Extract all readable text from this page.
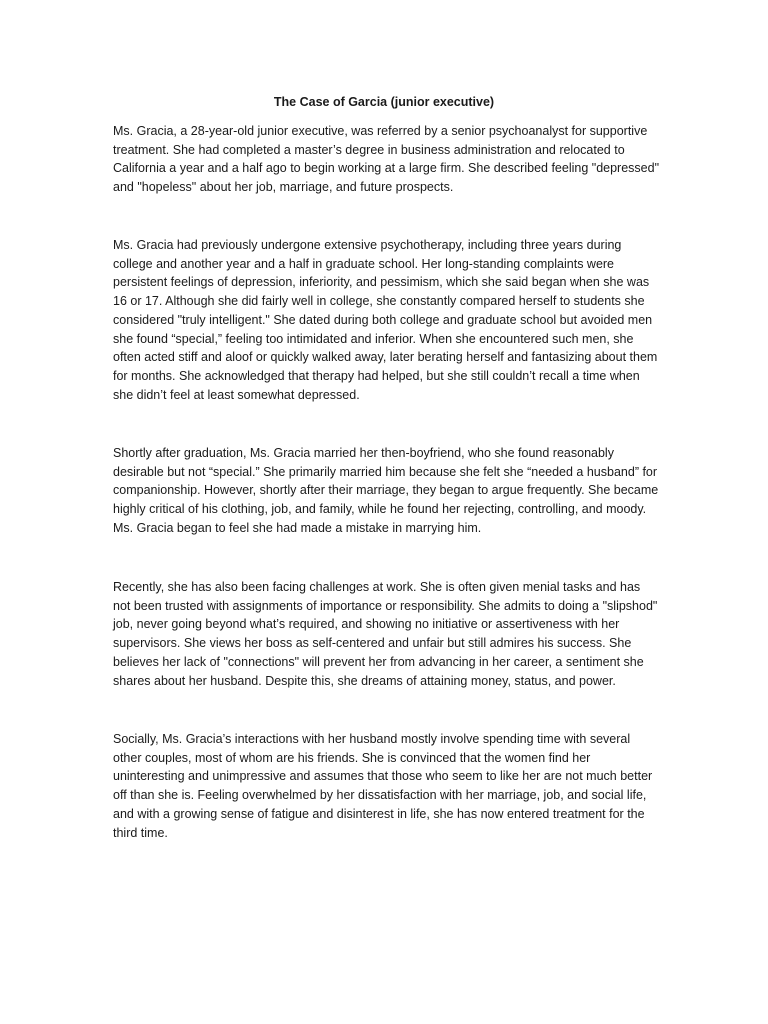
The Case of Garcia (junior executive)

Ms. Gracia, a 28-year-old junior executive, was referred by a senior psychoanalyst for supportive treatment. She had completed a master’s degree in business administration and relocated to California a year and a half ago to begin working at a large firm. She described feeling "depressed" and "hopeless" about her job, marriage, and future prospects.

Ms. Gracia had previously undergone extensive psychotherapy, including three years during college and another year and a half in graduate school. Her long-standing complaints were persistent feelings of depression, inferiority, and pessimism, which she said began when she was 16 or 17. Although she did fairly well in college, she constantly compared herself to students she considered "truly intelligent." She dated during both college and graduate school but avoided men she found “special,” feeling too intimidated and inferior. When she encountered such men, she often acted stiff and aloof or quickly walked away, later berating herself and fantasizing about them for months. She acknowledged that therapy had helped, but she still couldn’t recall a time when she didn’t feel at least somewhat depressed.

Shortly after graduation, Ms. Gracia married her then-boyfriend, who she found reasonably desirable but not “special.” She primarily married him because she felt she “needed a husband” for companionship. However, shortly after their marriage, they began to argue frequently. She became highly critical of his clothing, job, and family, while he found her rejecting, controlling, and moody. Ms. Gracia began to feel she had made a mistake in marrying him.

Recently, she has also been facing challenges at work. She is often given menial tasks and has not been trusted with assignments of importance or responsibility. She admits to doing a "slipshod" job, never going beyond what’s required, and showing no initiative or assertiveness with her supervisors. She views her boss as self-centered and unfair but still admires his success. She believes her lack of "connections" will prevent her from advancing in her career, a sentiment she shares about her husband. Despite this, she dreams of attaining money, status, and power.

Socially, Ms. Gracia’s interactions with her husband mostly involve spending time with several other couples, most of whom are his friends. She is convinced that the women find her uninteresting and unimpressive and assumes that those who seem to like her are not much better off than she is. Feeling overwhelmed by her dissatisfaction with her marriage, job, and social life, and with a growing sense of fatigue and disinterest in life, she has now entered treatment for the third time.
